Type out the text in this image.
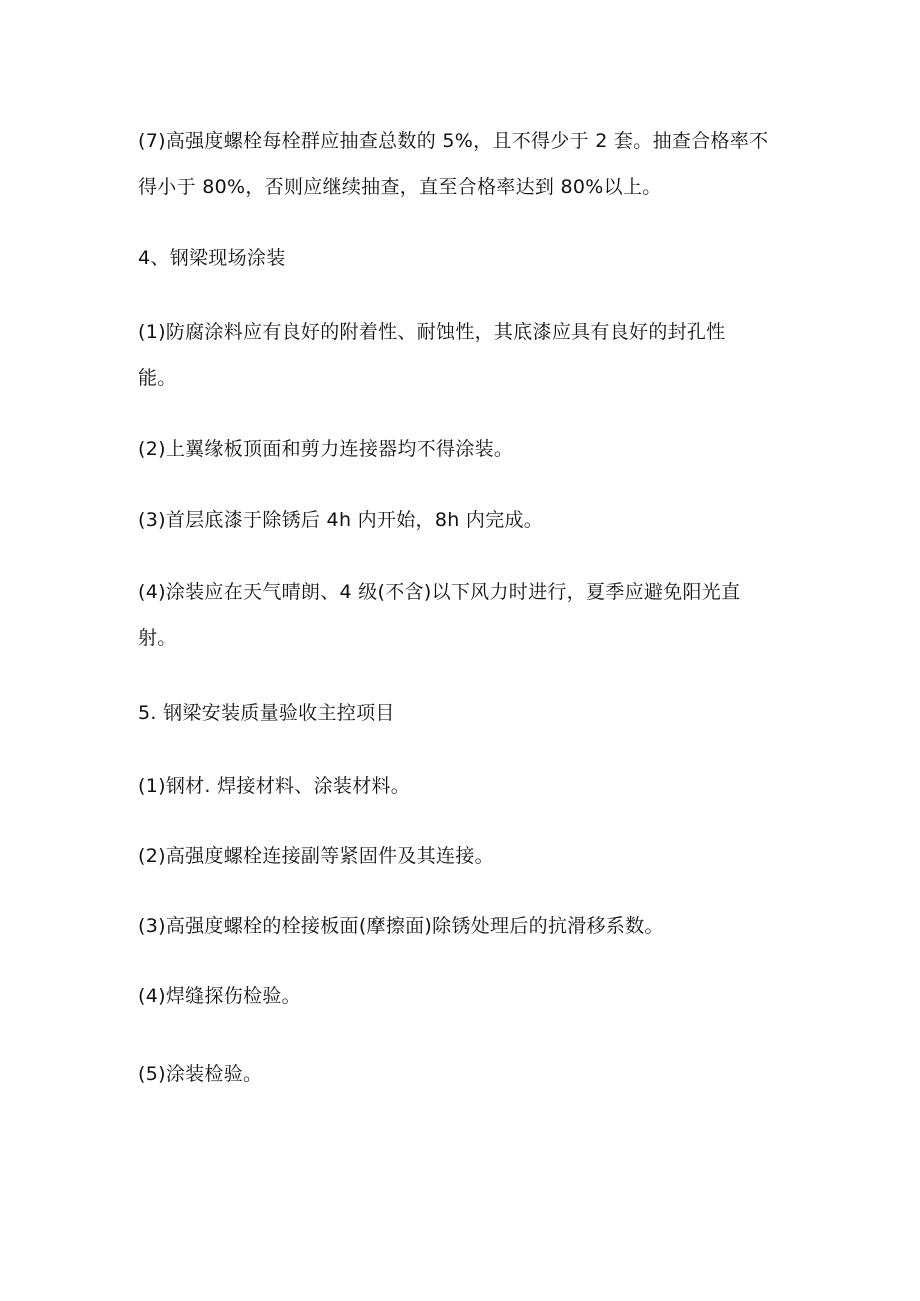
(7)高强度螺栓每栓群应抽查总数的 5%，且不得少于 2 套。抽查合格率不
得小于 80%，否则应继续抽查，直至合格率达到 80%以上。
4、钢梁现场涂装
(1)防腐涂料应有良好的附着性、耐蚀性，其底漆应具有良好的封孔性
能。
(2)上翼缘板顶面和剪力连接器均不得涂装。
(3)首层底漆于除锈后 4h 内开始，8h 内完成。
(4)涂装应在天气晴朗、4 级(不含)以下风力时进行，夏季应避免阳光直
射。
5. 钢梁安装质量验收主控项目
(1)钢材. 焊接材料、涂装材料。
(2)高强度螺栓连接副等紧固件及其连接。
(3)高强度螺栓的栓接板面(摩擦面)除锈处理后的抗滑移系数。
(4)焊缝探伤检验。
(5)涂装检验。
